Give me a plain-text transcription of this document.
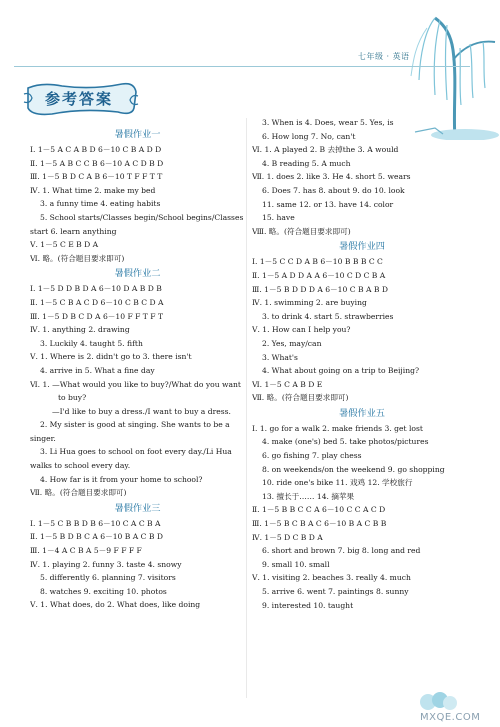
七年级 · 英语
参考答案
暑假作业一
Ⅰ. 1－5 A C A B D 6－10 C B A D D
Ⅱ. 1－5 A B C C B 6－10 A C D B D
Ⅲ. 1－5 B D C A B 6－10 T F F T T
Ⅳ. 1. What time 2. make my bed
3. a funny time 4. eating habits
5. School starts/Classes begin/School begins/Classes
start 6. learn anything
Ⅴ. 1－5 C E B D A
Ⅵ. 略。(符合题目要求即可)
暑假作业二
Ⅰ. 1－5 D D B D A 6－10 D A B D B
Ⅱ. 1－5 C B A C D 6－10 C B C D A
Ⅲ. 1－5 D B C D A 6－10 F F T F T
Ⅳ. 1. anything 2. drawing
3. Luckily 4. taught 5. fifth
Ⅴ. 1. Where is 2. didn't go to 3. there isn't
4. arrive in 5. What a fine day
Ⅵ. 1. —What would you like to buy?/What do you want
to buy?
—I'd like to buy a dress./I want to buy a dress.
2. My sister is good at singing. She wants to be a
singer.
3. Li Hua goes to school on foot every day./Li Hua
walks to school every day.
4. How far is it from your home to school?
Ⅶ. 略。(符合题目要求即可)
暑假作业三
Ⅰ. 1－5 C B B D B 6－10 C A C B A
Ⅱ. 1－5 B D B C A 6－10 B A C B D
Ⅲ. 1－4 A C B A 5－9 F F F F
Ⅳ. 1. playing 2. funny 3. taste 4. snowy
5. differently 6. planning 7. visitors
8. watches 9. exciting 10. photos
Ⅴ. 1. What does, do 2. What does, like doing
3. When is 4. Does, wear 5. Yes, is
6. How long 7. No, can't
Ⅵ. 1. A played 2. B 去掉the 3. A would
4. B reading 5. A much
Ⅶ. 1. does 2. like 3. He 4. short 5. wears
6. Does 7. has 8. about 9. do 10. look
11. same 12. or 13. have 14. color
15. have
Ⅷ. 略。(符合题目要求即可)
暑假作业四
Ⅰ. 1－5 C C D A B 6－10 B B B C C
Ⅱ. 1－5 A D D A A 6－10 C D C B A
Ⅲ. 1－5 B D D D A 6－10 C B A B D
Ⅳ. 1. swimming 2. are buying
3. to drink 4. start 5. strawberries
Ⅴ. 1. How can I help you?
2. Yes, may/can
3. What's
4. What about going on a trip to Beijing?
Ⅵ. 1－5 C A B D E
Ⅶ. 略。(符合题目要求即可)
暑假作业五
Ⅰ. 1. go for a walk 2. make friends 3. get lost
4. make (one's) bed 5. take photos/pictures
6. go fishing 7. play chess
8. on weekends/on the weekend 9. go shopping
10. ride one's bike 11. 戏鸡 12. 学校旅行
13. 擅长于…… 14. 摘苹果
Ⅱ. 1－5 B B C C A 6－10 C C A C D
Ⅲ. 1－5 B C B A C 6－10 B A C B B
Ⅳ. 1－5 D C B D A
6. short and brown 7. big 8. long and red
9. small 10. small
Ⅴ. 1. visiting 2. beaches 3. really 4. much
5. arrive 6. went 7. paintings 8. sunny
9. interested 10. taught
MXQE.COM
